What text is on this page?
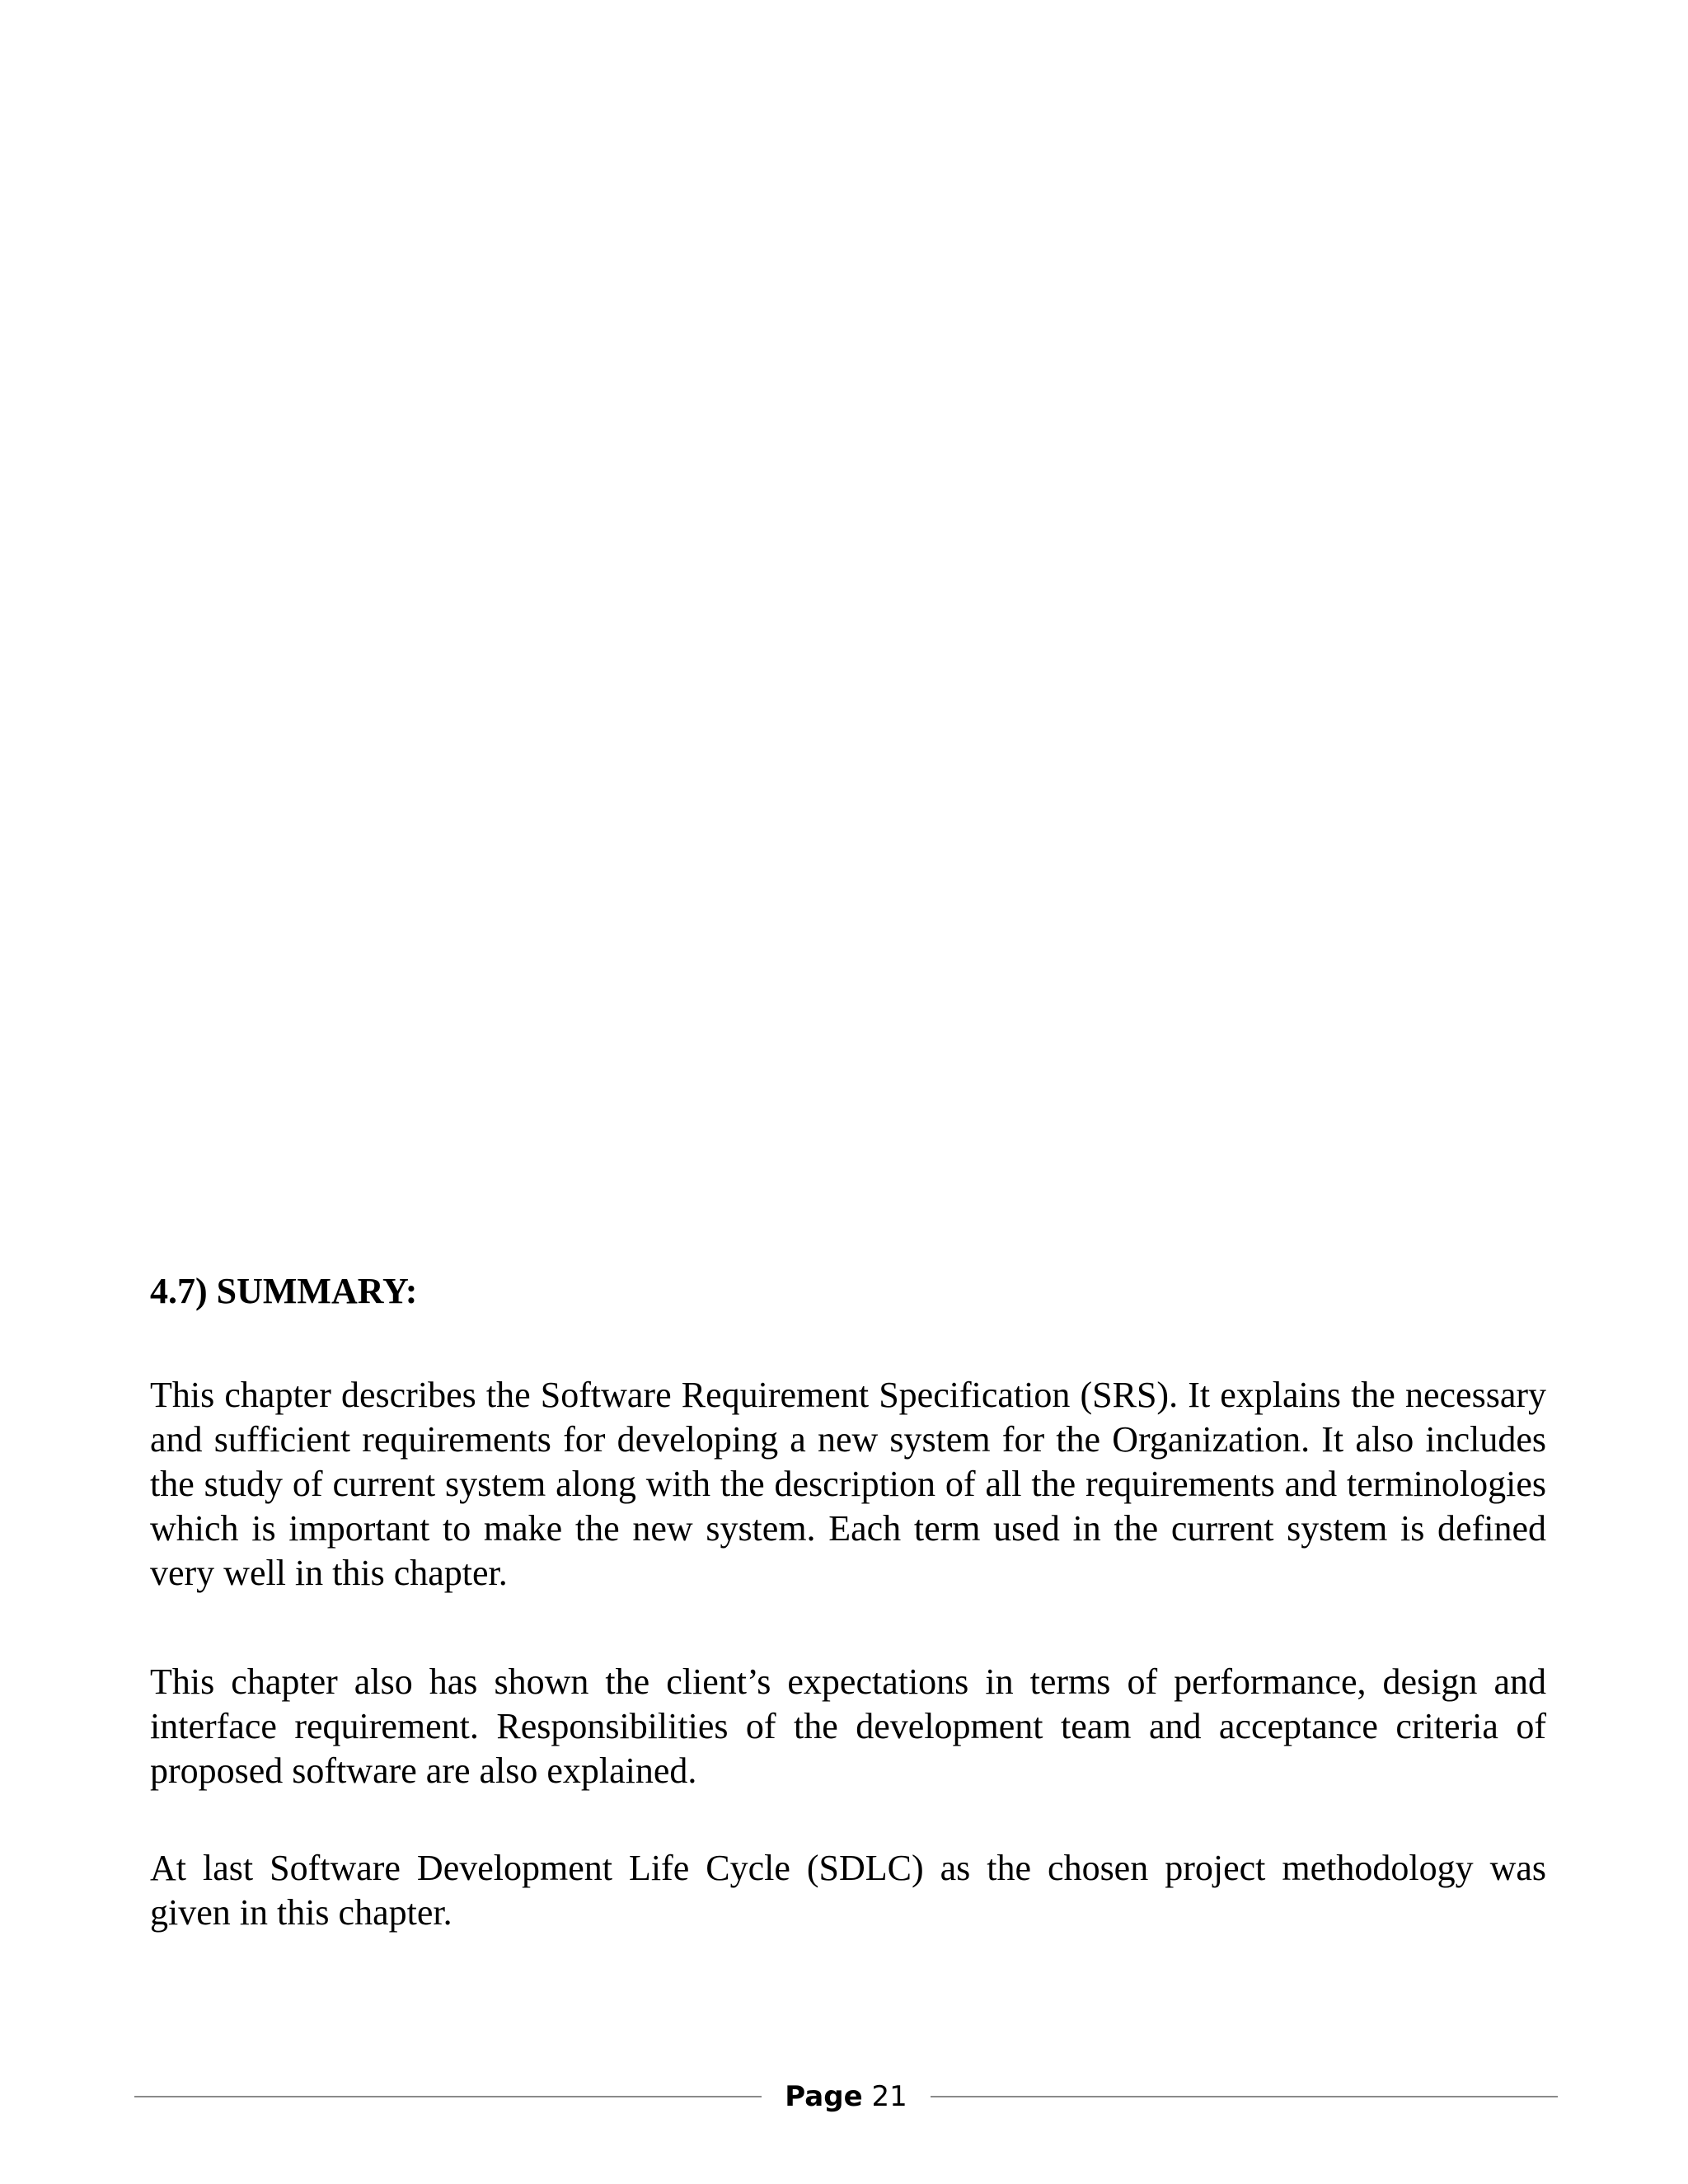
4.7) SUMMARY:

This chapter describes the Software Requirement Specification (SRS). It explains the necessary and sufficient requirements for developing a new system for the Organization. It also includes the study of current system along with the description of all the requirements and terminologies which is important to make the new system. Each term used in the current system is defined very well in this chapter.

This chapter also has shown the client’s expectations in terms of performance, design and interface requirement. Responsibilities of the development team and acceptance criteria of proposed software are also explained.

At last Software Development Life Cycle (SDLC) as the chosen project methodology was given in this chapter.

Page 21
